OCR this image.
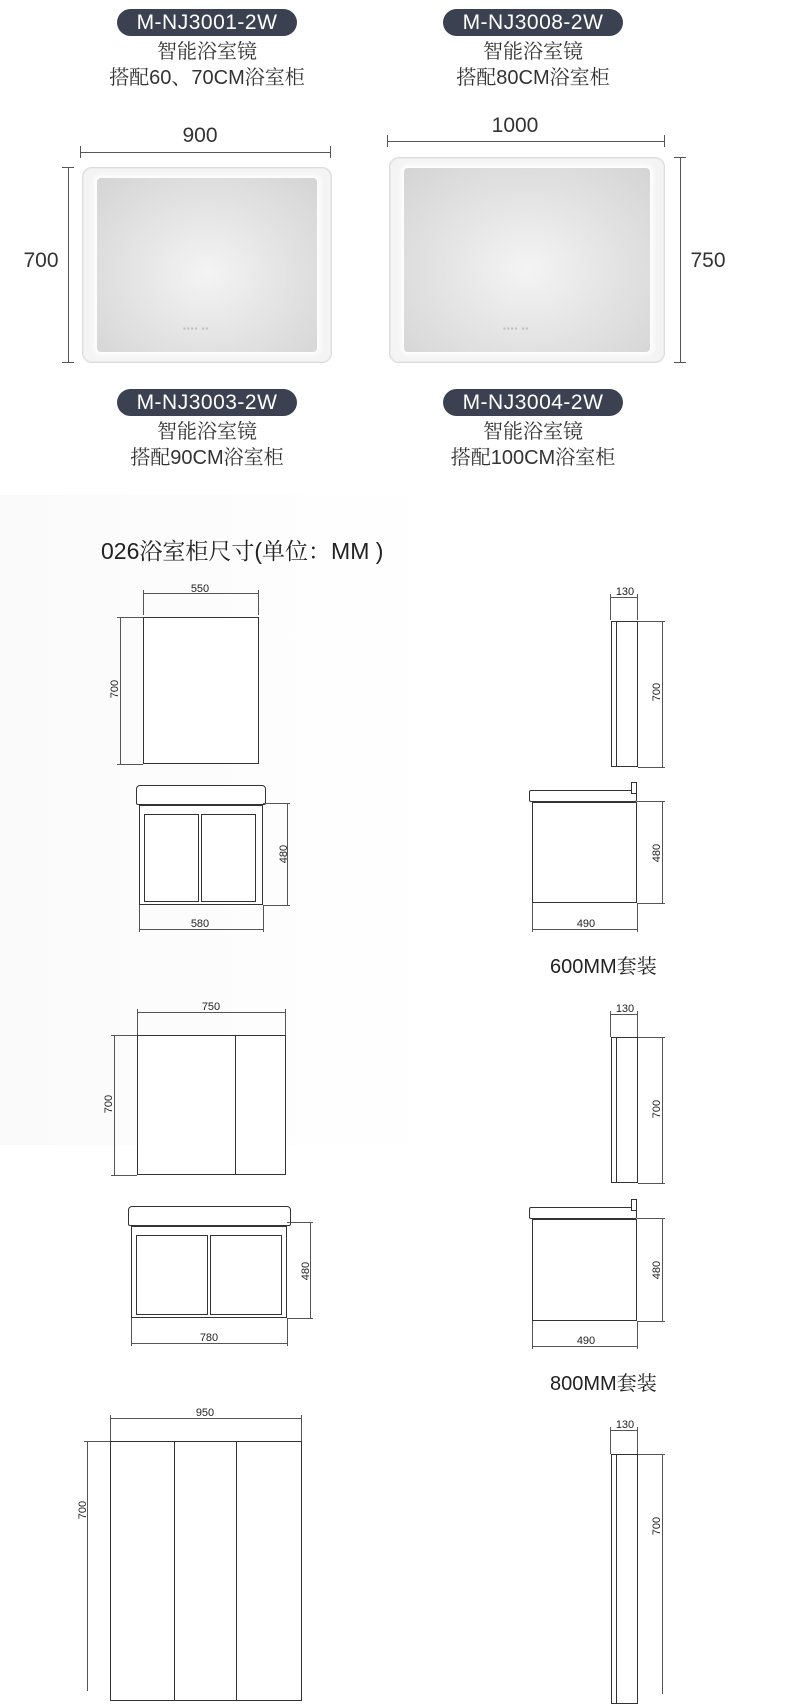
M-NJ3001-2W
智能浴室镜
搭配60、70CM浴室柜
M-NJ3008-2W
智能浴室镜
搭配80CM浴室柜
900
700
▪▪▪▪ ▪▪
1000
750
▪▪▪▪ ▪▪
M-NJ3003-2W
智能浴室镜
搭配90CM浴室柜
M-NJ3004-2W
智能浴室镜
搭配100CM浴室柜
026浴室柜尺寸(单位：MM )
550
700
130
700
480
580
480
490
600MM套装
750
700
130
700
480
780
480
490
800MM套装
950
700
130
700
